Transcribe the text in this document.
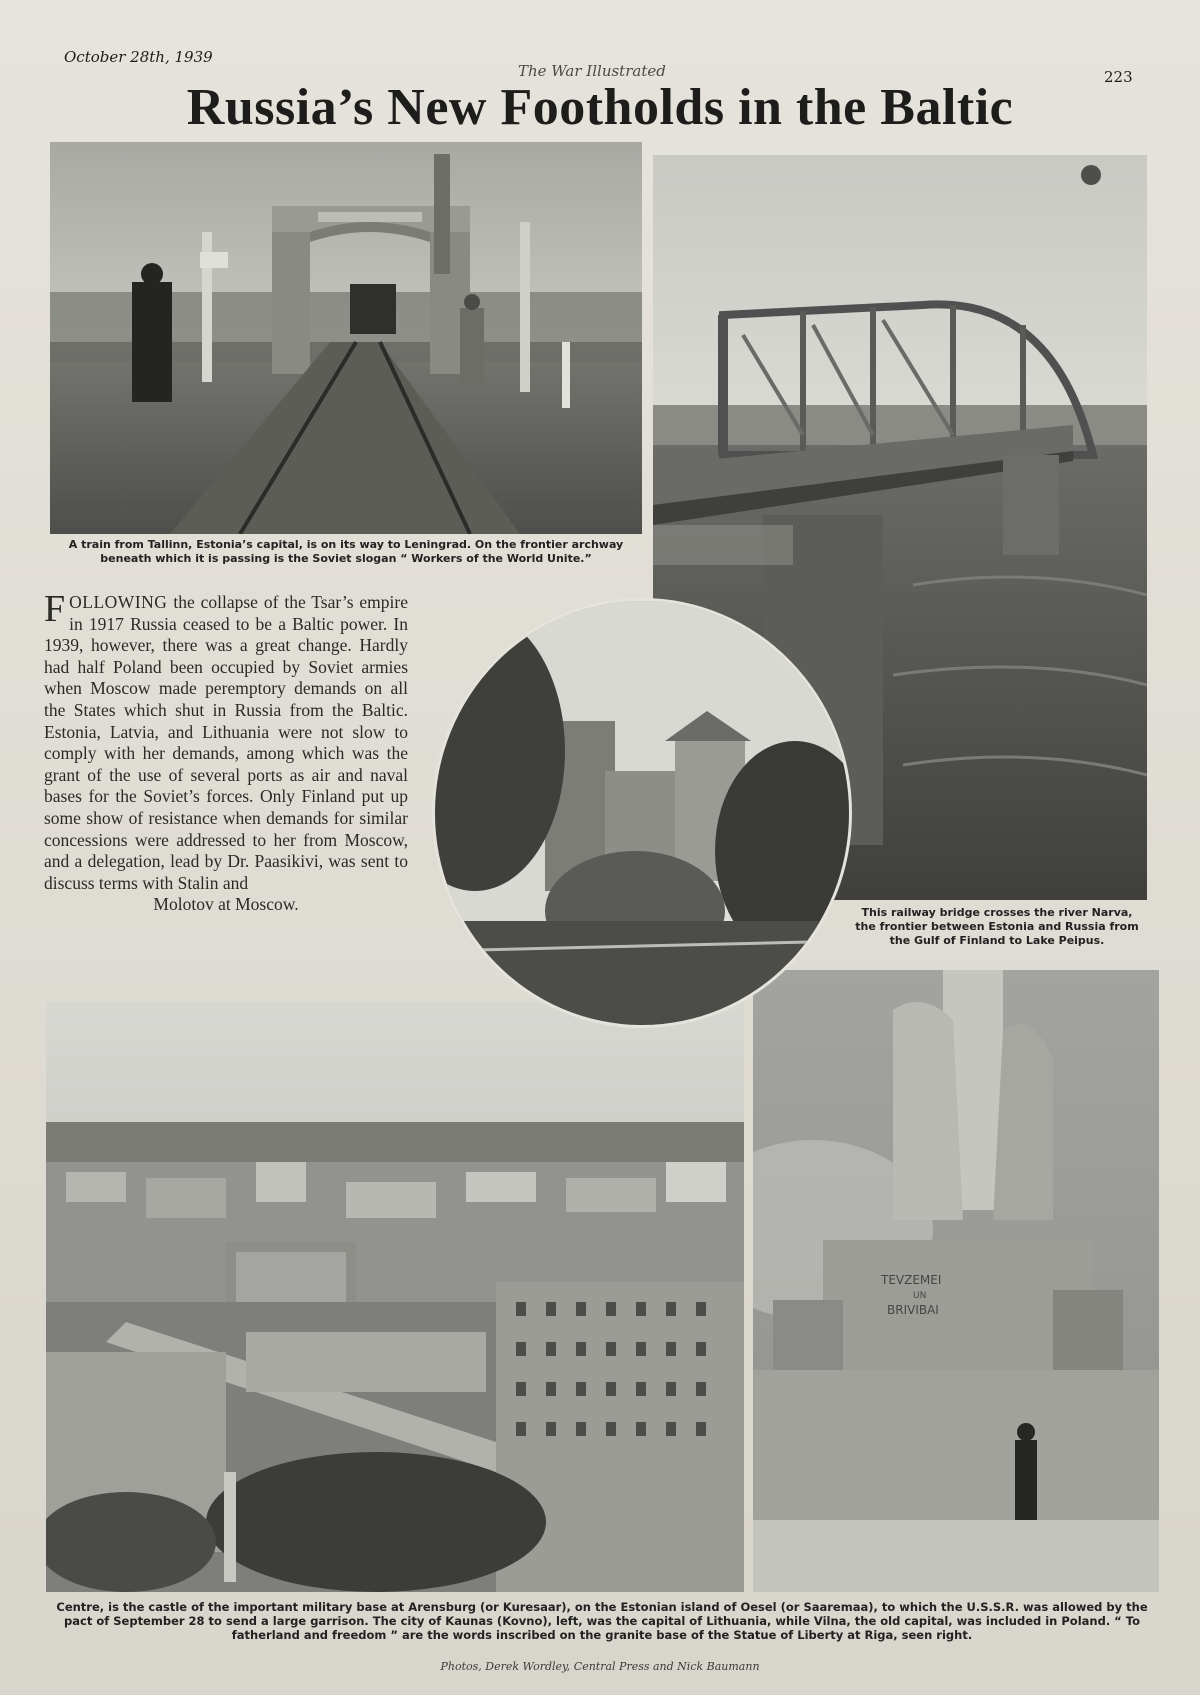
October 28th, 1939
The War Illustrated	223
Russia’s New Footholds in the Baltic
A train from Tallinn, Estonia’s capital, is on its way to Leningrad. On the frontier archway beneath which it is passing is the Soviet slogan “ Workers of the World Unite.”
This railway bridge crosses the river Narva, the frontier between Estonia and Russia from the Gulf of Finland to Lake Peipus.
FOLLOWING the collapse of the Tsar’s empire in 1917 Russia ceased to be a Baltic power. In 1939, however, there was a great change. Hardly had half Poland been occupied by Soviet armies when Moscow made peremptory demands on all the States which shut in Russia from the Baltic. Estonia, Latvia, and Lithuania were not slow to comply with her demands, among which was the grant of the use of several ports as air and naval bases for the Soviet’s forces. Only Finland put up some show of resistance when demands for similar concessions were addressed to her from Moscow, and a delegation, lead by Dr. Paasikivi, was sent to discuss terms with Stalin and
Molotov at Moscow.
TEVZEMEI
UN
BRIVIBAI
Centre, is the castle of the important military base at Arensburg (or Kuresaar), on the Estonian island of Oesel (or Saaremaa), to which the U.S.S.R. was allowed by the pact of September 28 to send a large garrison. The city of Kaunas (Kovno), left, was the capital of Lithuania, while Vilna, the old capital, was included in Poland. “ To fatherland and freedom ” are the words inscribed on the granite base of the Statue of Liberty at Riga, seen right.
Photos, Derek Wordley, Central Press and Nick Baumann
